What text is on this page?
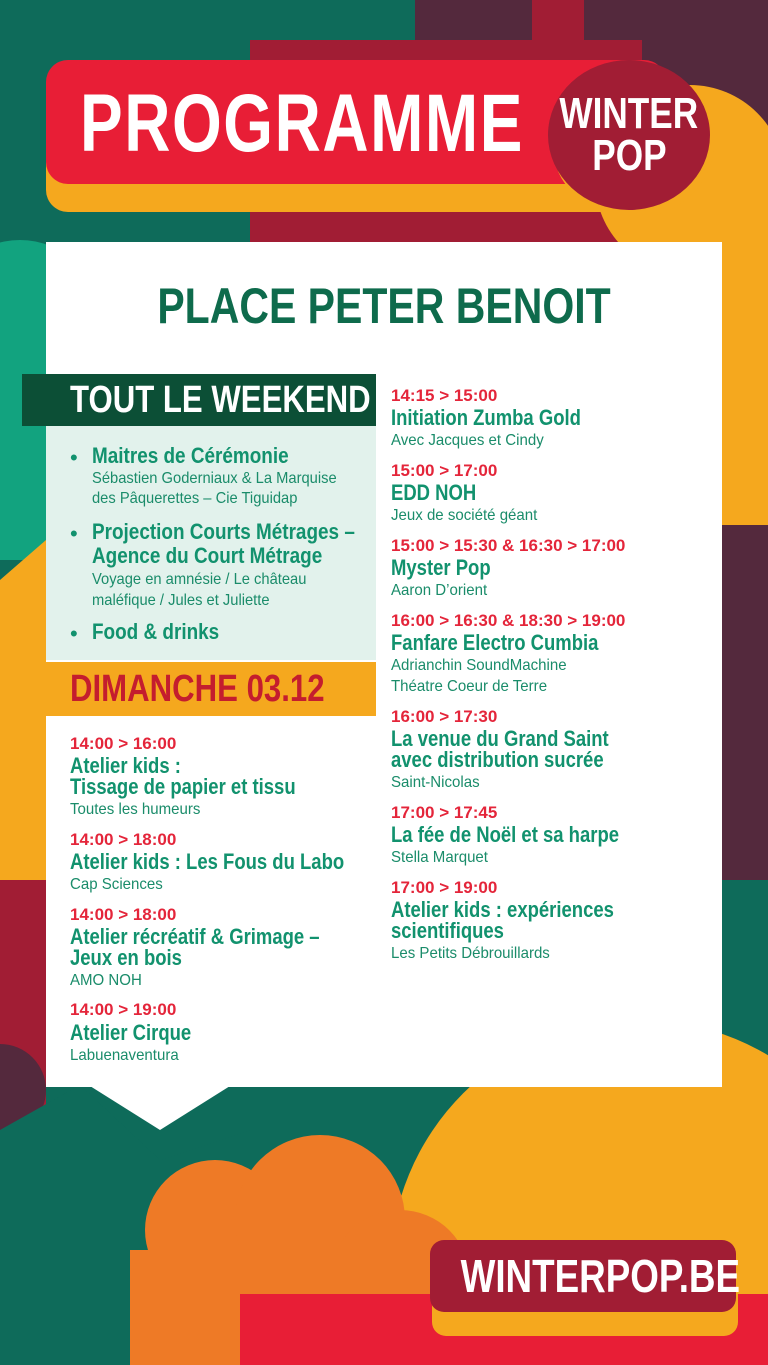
PROGRAMME WINTER
POP
PLACE PETER BENOIT
TOUT LE WEEKEND
• Maitres de Cérémonie
Sébastien Goderniaux & La Marquise
des Pâquerettes – Cie Tiguidap
• Projection Courts Métrages –
Agence du Court Métrage
Voyage en amnésie / Le château
maléfique / Jules et Juliette
• Food & drinks
DIMANCHE 03.12
14:00 > 16:00
Atelier kids :
Tissage de papier et tissu
Toutes les humeurs
14:00 > 18:00
Atelier kids : Les Fous du Labo
Cap Sciences
14:00 > 18:00
Atelier récréatif & Grimage –
Jeux en bois
AMO NOH
14:00 > 19:00
Atelier Cirque
Labuenaventura
14:15 > 15:00
Initiation Zumba Gold
Avec Jacques et Cindy
15:00 > 17:00
EDD NOH
Jeux de société géant
15:00 > 15:30 & 16:30 > 17:00
Myster Pop
Aaron D’orient
16:00 > 16:30 & 18:30 > 19:00
Fanfare Electro Cumbia
Adrianchin SoundMachine
Théatre Coeur de Terre
16:00 > 17:30
La venue du Grand Saint
avec distribution sucrée
Saint-Nicolas
17:00 > 17:45
La fée de Noël et sa harpe
Stella Marquet
17:00 > 19:00
Atelier kids : expériences
scientifiques
Les Petits Débrouillards
WINTERPOP.BE
